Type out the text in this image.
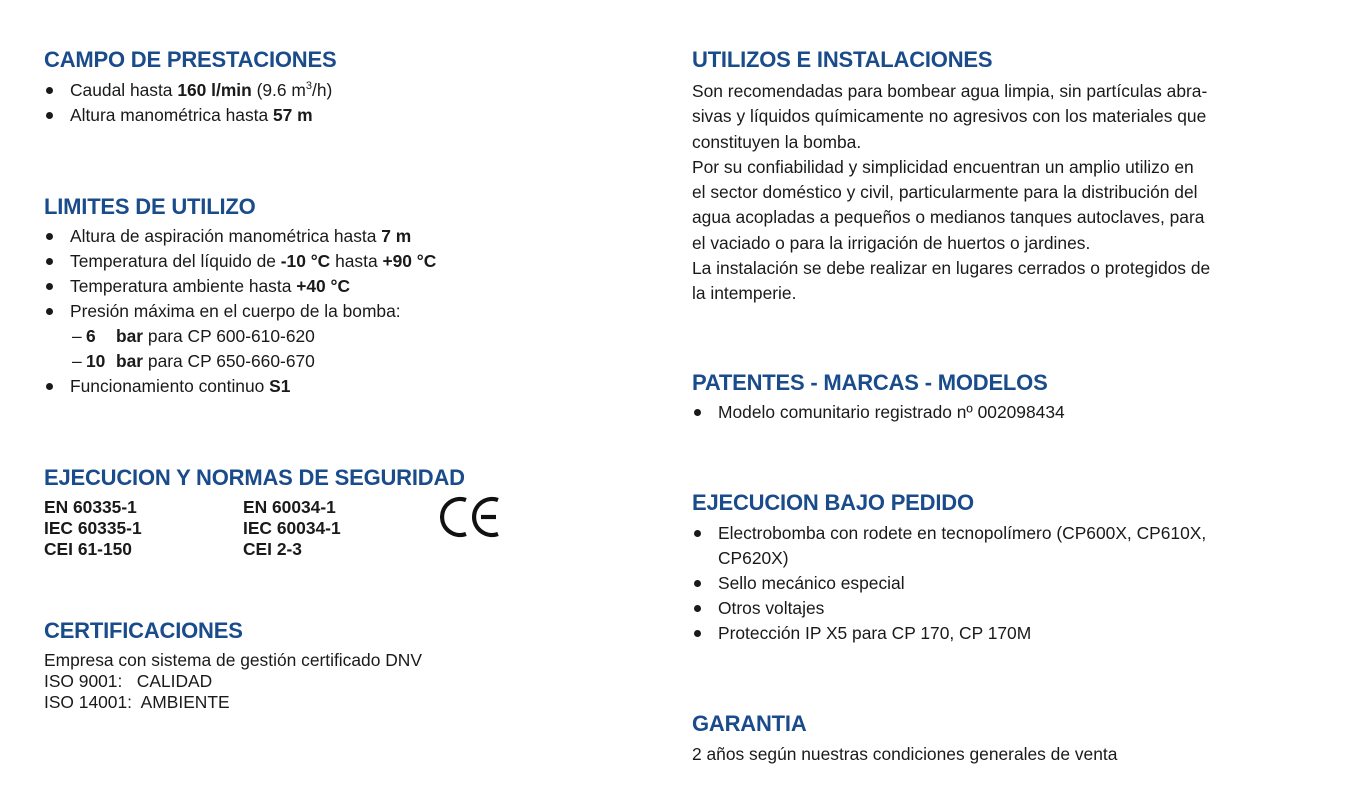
CAMPO DE PRESTACIONES
Caudal hasta 160 l/min (9.6 $m^3/h$)
Altura manométrica hasta 57 m
LIMITES DE UTILIZO
Altura de aspiración manométrica hasta 7 m
Temperatura del líquido de -10 °C hasta +90 °C
Temperatura ambiente hasta +40 °C
Presión máxima en el cuerpo de la bomba:
– 6 bar para CP 600-610-620
– 10 bar para CP 650-660-670
Funcionamiento continuo S1
EJECUCION Y NORMAS DE SEGURIDAD
EN 60335-1
IEC 60335-1
CEI 61-150
EN 60034-1
IEC 60034-1
CEI 2-3
CERTIFICACIONES

Empresa con sistema de gestión certificado DNV

ISO 9001:   CALIDAD

ISO 14001:  AMBIENTE

UTILIZOS E INSTALACIONES
Son recomendadas para bombear agua limpia, sin partículas abra-
sivas y líquidos químicamente no agresivos con los materiales que
constituyen la bomba.
Por su confiabilidad y simplicidad encuentran un amplio utilizo en
el sector doméstico y civil, particularmente para la distribución del
agua acopladas a pequeños o medianos tanques autoclaves, para
el vaciado o para la irrigación de huertos o jardines.
La instalación se debe realizar en lugares cerrados o protegidos de
la intemperie.
PATENTES - MARCAS - MODELOS
Modelo comunitario registrado nº 002098434
EJECUCION BAJO PEDIDO
Electrobomba con rodete en tecnopolímero (CP600X, CP610X,
CP620X)
Sello mecánico especial
Otros voltajes
Protección IP X5 para CP 170, CP 170M
GARANTIA

2 años según nuestras condiciones generales de venta
